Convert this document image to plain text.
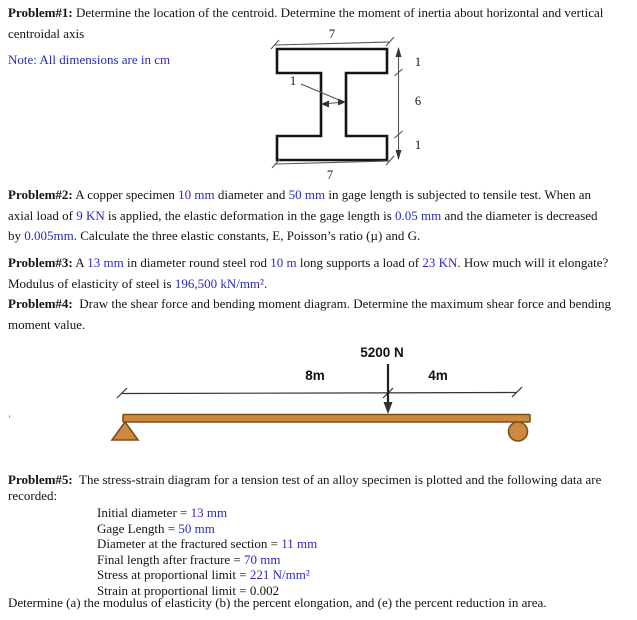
Problem#1: Determine the location of the centroid. Determine the moment of inertia about horizontal and vertical
centroidal axis
Note: All dimensions are in cm
7
7
1
6
1
1
Problem#2: A copper specimen 10 mm diameter and 50 mm in gage length is subjected to tensile test. When an
axial load of 9 KN is applied, the elastic deformation in the gage length is 0.05 mm and the diameter is decreased
by 0.005mm. Calculate the three elastic constants, E, Poisson’s ratio (µ) and G.
Problem#3: A 13 mm in diameter round steel rod 10 m long supports a load of 23 KN. How much will it elongate?
Modulus of elasticity of steel is 196,500 kN/mm².
Problem#4:  Draw the shear force and bending moment diagram. Determine the maximum shear force and bending
moment value.
5200 N
8m	4m
’
Problem#5:  The stress-strain diagram for a tension test of an alloy specimen is plotted and the following data are
recorded:
Initial diameter = 13 mm
Gage Length = 50 mm
Diameter at the fractured section = 11 mm
Final length after fracture = 70 mm
Stress at proportional limit = 221 N/mm²
Strain at proportional limit = 0.002
Determine (a) the modulus of elasticity (b) the percent elongation, and (e) the percent reduction in area.
